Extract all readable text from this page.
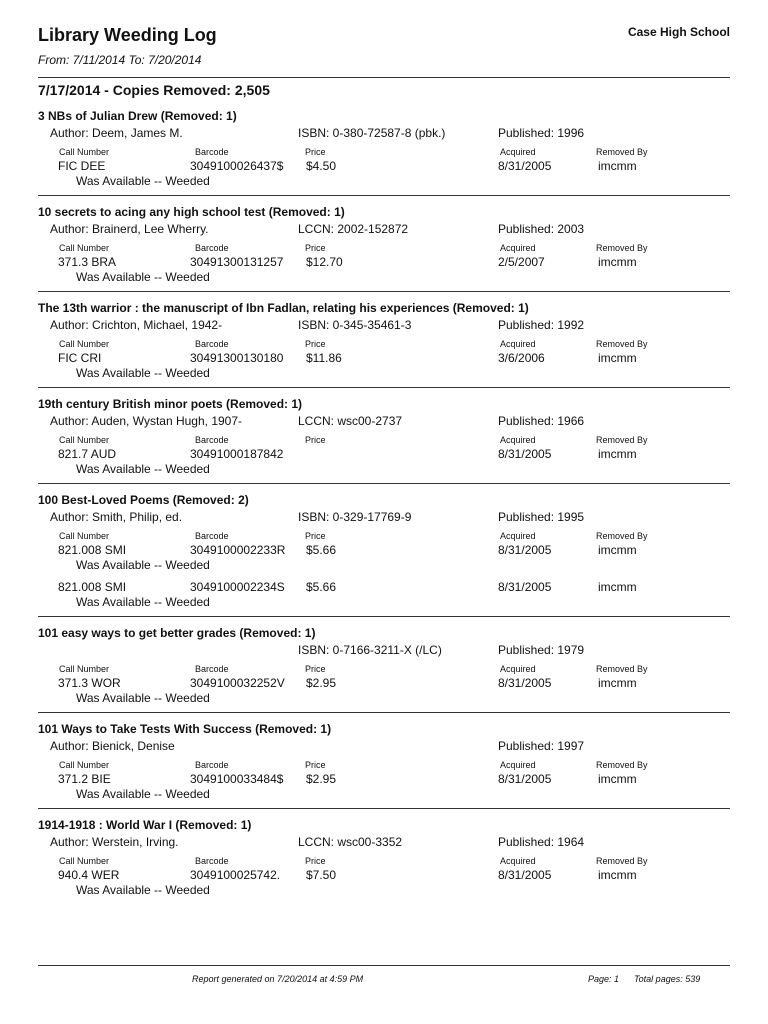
Library Weeding Log	Case High School
From: 7/11/2014 To: 7/20/2014
7/17/2014 - Copies Removed: 2,505
3 NBs of Julian Drew (Removed: 1)
Author: Deem, James M.	ISBN: 0-380-72587-8 (pbk.)	Published: 1996
Call Number	Barcode	Price	Acquired	Removed By
FIC DEE	3049100026437$ $4.50	8/31/2005	imcmm
Was Available -- Weeded
10 secrets to acing any high school test (Removed: 1)
Author: Brainerd, Lee Wherry.	LCCN: 2002-152872	Published: 2003
Call Number	Barcode	Price	Acquired	Removed By
371.3 BRA	30491300131257 $12.70	2/5/2007	imcmm
Was Available -- Weeded
The 13th warrior : the manuscript of Ibn Fadlan, relating his experiences (Removed: 1)
Author: Crichton, Michael, 1942-	ISBN: 0-345-35461-3	Published: 1992
Call Number	Barcode	Price	Acquired	Removed By
FIC CRI	30491300130180 $11.86	3/6/2006	imcmm
Was Available -- Weeded
19th century British minor poets (Removed: 1)
Author: Auden, Wystan Hugh, 1907-	LCCN: wsc00-2737	Published: 1966
Call Number	Barcode	Price	Acquired	Removed By
821.7 AUD	30491000187842	8/31/2005	imcmm
Was Available -- Weeded
100 Best-Loved Poems (Removed: 2)
Author: Smith, Philip, ed.	ISBN: 0-329-17769-9	Published: 1995
Call Number	Barcode	Price	Acquired	Removed By
821.008 SMI	3049100002233R $5.66	8/31/2005	imcmm
Was Available -- Weeded
821.008 SMI	3049100002234S $5.66	8/31/2005	imcmm
Was Available -- Weeded
101 easy ways to get better grades (Removed: 1)
ISBN: 0-7166-3211-X (/LC)	Published: 1979
Call Number	Barcode	Price	Acquired	Removed By
371.3 WOR	3049100032252V $2.95	8/31/2005	imcmm
Was Available -- Weeded
101 Ways to Take Tests With Success (Removed: 1)
Author: Bienick, Denise	Published: 1997
Call Number	Barcode	Price	Acquired	Removed By
371.2 BIE	3049100033484$ $2.95	8/31/2005	imcmm
Was Available -- Weeded
1914-1918 : World War I (Removed: 1)
Author: Werstein, Irving.	LCCN: wsc00-3352	Published: 1964
Call Number	Barcode	Price	Acquired	Removed By
940.4 WER	3049100025742. $7.50	8/31/2005	imcmm
Was Available -- Weeded
Report generated on 7/20/2014 at 4:59 PM	Page: 1 Total pages: 539
